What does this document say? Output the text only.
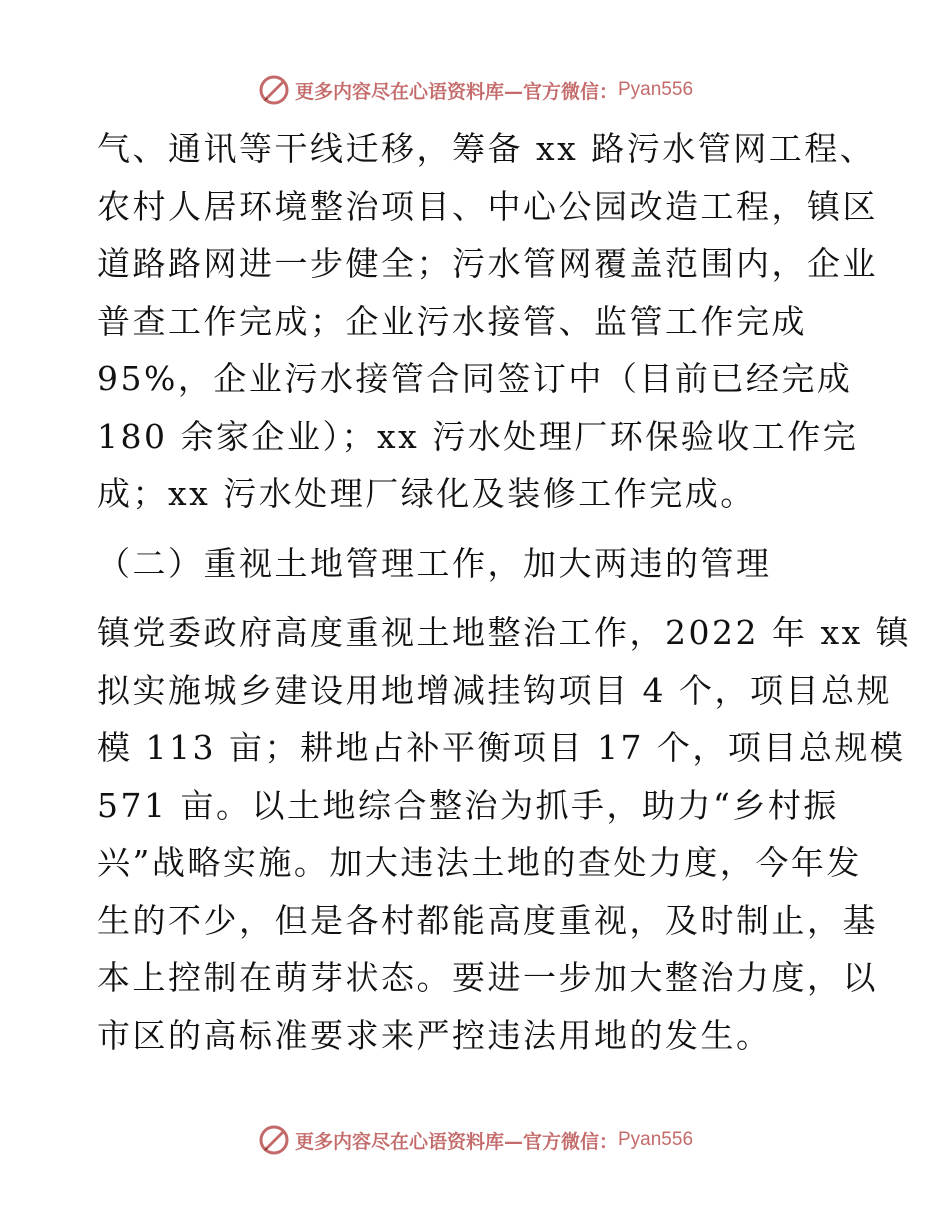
更多内容尽在心语资料库—官方微信： Pyan556
气、通讯等干线迁移，筹备 xx 路污水管网工程、
农村人居环境整治项目、中心公园改造工程，镇区
道路路网进一步健全；污水管网覆盖范围内，企业
普查工作完成；企业污水接管、监管工作完成
95%，企业污水接管合同签订中（目前已经完成
180 余家企业）；xx 污水处理厂环保验收工作完
成；xx 污水处理厂绿化及装修工作完成。
（二）重视土地管理工作，加大两违的管理
镇党委政府高度重视土地整治工作，2022 年 xx 镇
拟实施城乡建设用地增减挂钩项目 4 个，项目总规
模 113 亩；耕地占补平衡项目 17 个，项目总规模
571 亩。以土地综合整治为抓手，助力“乡村振
兴”战略实施。加大违法土地的查处力度，今年发
生的不少，但是各村都能高度重视，及时制止，基
本上控制在萌芽状态。要进一步加大整治力度，以
市区的高标准要求来严控违法用地的发生。
更多内容尽在心语资料库—官方微信： Pyan556
